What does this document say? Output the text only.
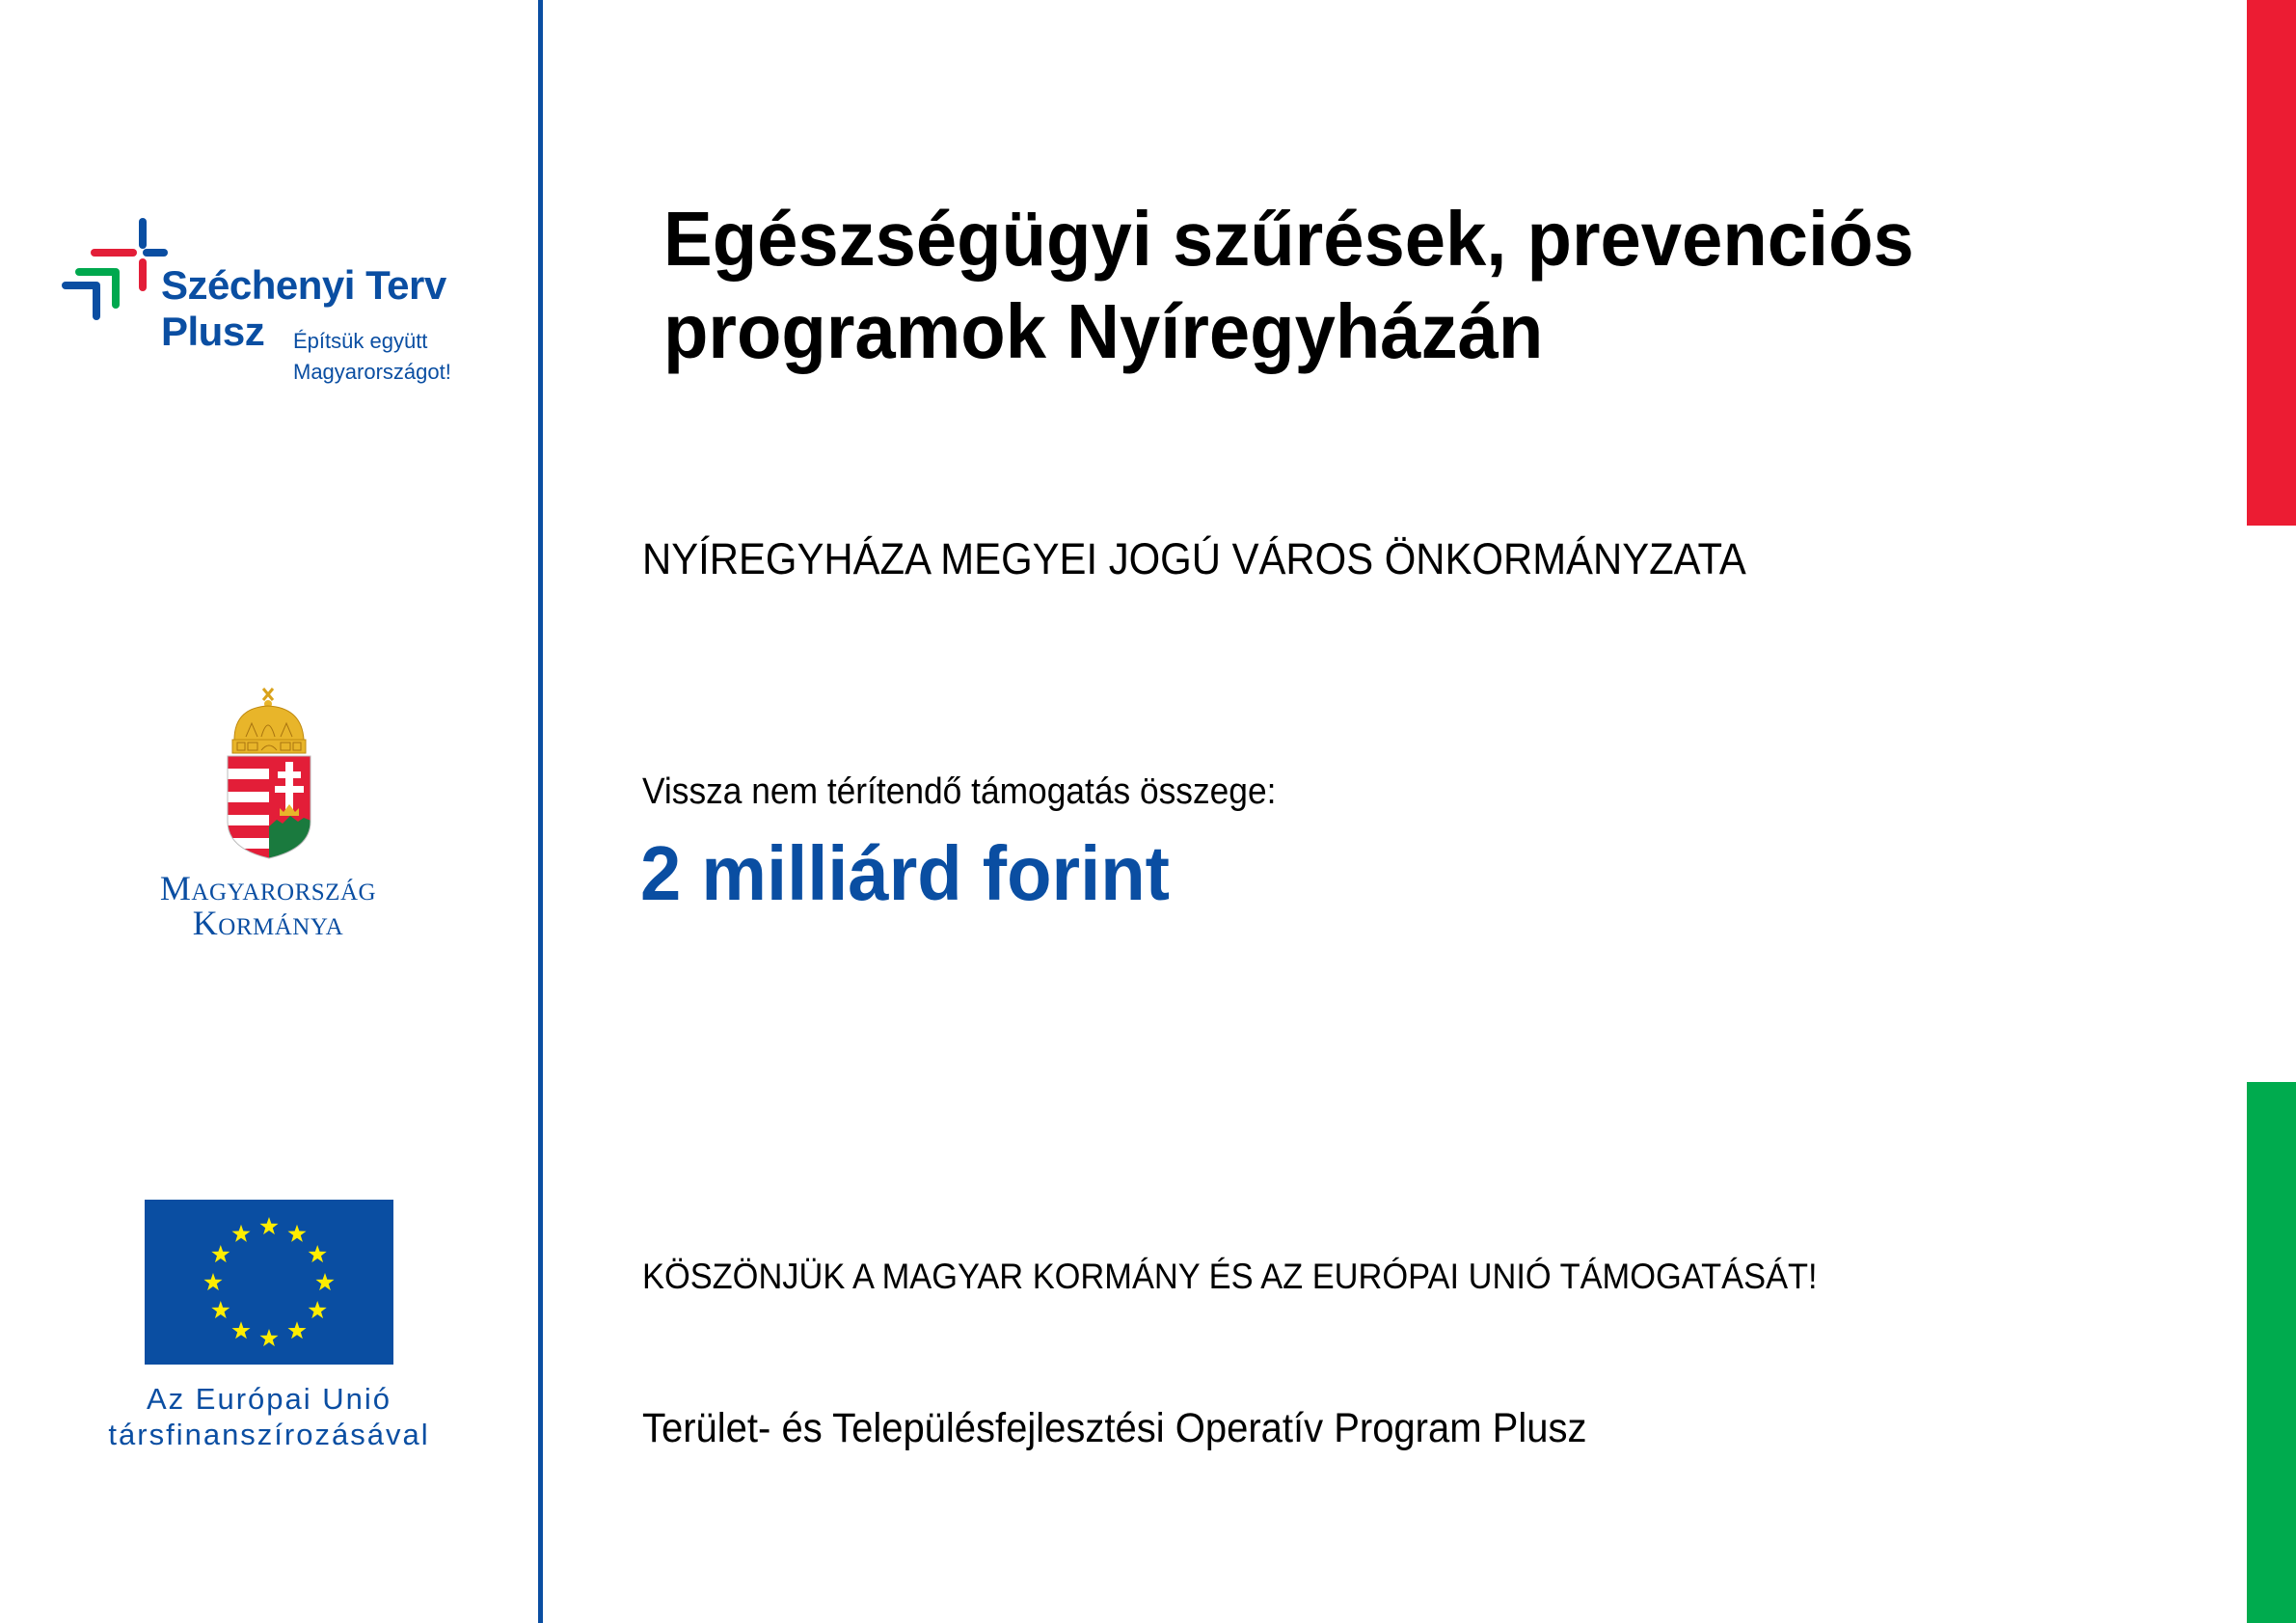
Széchenyi Terv
Plusz	Építsük együtt
Magyarországot!
Magyarország
Kormánya
Az Európai Unió
társfinanszírozásával
Egészségügyi szűrések, prevenciós
programok Nyíregyházán
NYÍREGYHÁZA MEGYEI JOGÚ VÁROS ÖNKORMÁNYZATA
Vissza nem térítendő támogatás összege:
2 milliárd forint
KÖSZÖNJÜK A MAGYAR KORMÁNY ÉS AZ EURÓPAI UNIÓ TÁMOGATÁSÁT!
Terület- és Településfejlesztési Operatív Program Plusz
